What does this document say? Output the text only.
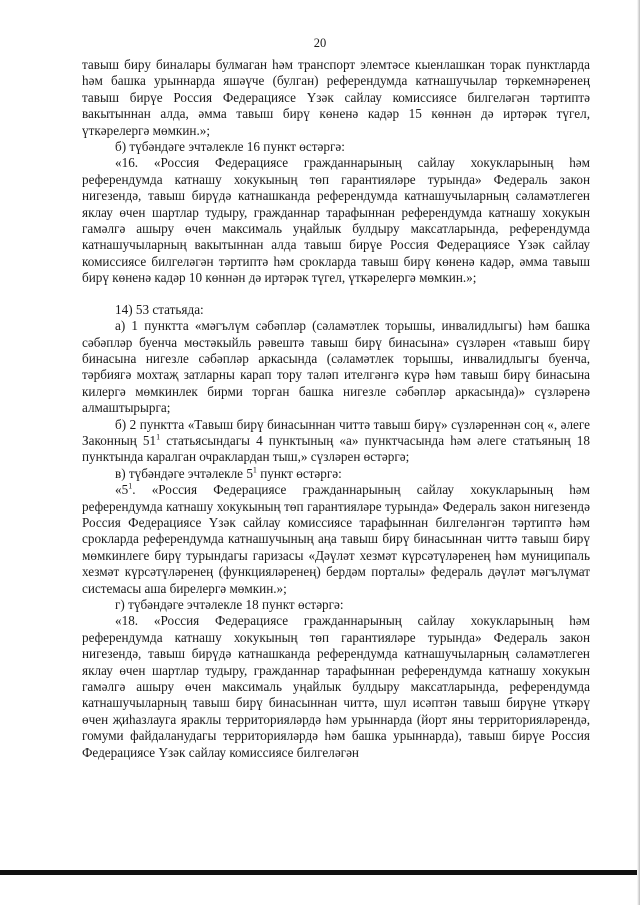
20

тавыш биру биналары булмаган һәм транспорт элемтәсе кыенлашкан торак пунктларда һәм башка урыннарда яшәүче (булган) референдумда катнашучылар төркемнәренең тавыш бирүе Россия Федерациясе Үзәк сайлау комиссиясе билгеләгән тәртиптә вакытыннан алда, әмма тавыш бирү көненә кадәр 15 көннән дә иртәрәк түгел, үткәрелергә мөмкин.»;

б) түбәндәге эчтәлекле 16 пункт өстәргә:

«16. «Россия Федерациясе гражданнарының сайлау хокукларының һәм референдумда катнашу хокукының төп гарантияләре турында» Федераль закон нигезендә, тавыш бирүдә катнашканда референдумда катнашучыларның сәламәтлеген яклау өчен шартлар тудыру, гражданнар тарафыннан референдумда катнашу хокукын гамәлгә ашыру өчен максималь уңайлык булдыру максатларында, референдумда катнашучыларның вакытыннан алда тавыш бирүе Россия Федерациясе Үзәк сайлау комиссиясе билгеләгән тәртиптә һәм срокларда тавыш бирү көненә кадәр, әмма тавыш бирү көненә кадәр 10 көннән дә иртәрәк түгел, үткәрелергә мөмкин.»;

14) 53 статьяда:

а) 1 пунктта «мәгълүм сәбәпләр (сәламәтлек торышы, инвалидлыгы) һәм башка сәбәпләр буенча мөстәкыйль рәвештә тавыш бирү бинасына» сүзләрен «тавыш бирү бинасына нигезле сәбәпләр аркасында (сәламәтлек торышы, инвалидлыгы буенча, тәрбиягә мохтаҗ затларны карап тору таләп ителгәнгә күрә һәм тавыш бирү бинасына килергә мөмкинлек бирми торган башка нигезле сәбәпләр аркасында)» сүзләренә алмаштырырга;

б) 2 пунктта «Тавыш бирү бинасыннан читтә тавыш бирү» сүзләреннән соң «, әлеге Законның $51^1$ статьясындагы 4 пунктының «а» пунктчасында һәм әлеге статьяның 18 пунктында каралган очраклардан тыш,» сүзләрен өстәргә;

в) түбәндәге эчтәлекле $5^1$ пункт өстәргә:

«$5^1$. «Россия Федерациясе гражданнарының сайлау хокукларының һәм референдумда катнашу хокукының төп гарантияләре турында» Федераль закон нигезендә Россия Федерациясе Үзәк сайлау комиссиясе тарафыннан билгеләнгән тәртиптә һәм срокларда референдумда катнашучының аңа тавыш бирү бинасыннан читтә тавыш бирү мөмкинлеге бирү турындагы гаризасы «Дәүләт хезмәт күрсәтүләренең һәм муниципаль хезмәт күрсәтүләренең (функцияләренең) бердәм порталы» федераль дәүләт мәгълүмат системасы аша бирелергә мөмкин.»;

г) түбәндәге эчтәлекле 18 пункт өстәргә:

«18. «Россия Федерациясе гражданнарының сайлау хокукларының һәм референдумда катнашу хокукының төп гарантияләре турында» Федераль закон нигезендә, тавыш бирүдә катнашканда референдумда катнашучыларның сәламәтлеген яклау өчен шартлар тудыру, гражданнар тарафыннан референдумда катнашу хокукын гамәлгә ашыру өчен максималь уңайлык булдыру максатларында, референдумда катнашучыларның тавыш бирү бинасыннан читтә, шул исәптән тавыш бирүне үткәрү өчен җиһазлауга яраклы территорияләрдә һәм урыннарда (йорт яны территорияләрендә, гомуми файдаланудагы территорияләрдә һәм башка урыннарда), тавыш бирүе Россия Федерациясе Үзәк сайлау комиссиясе билгеләгән
